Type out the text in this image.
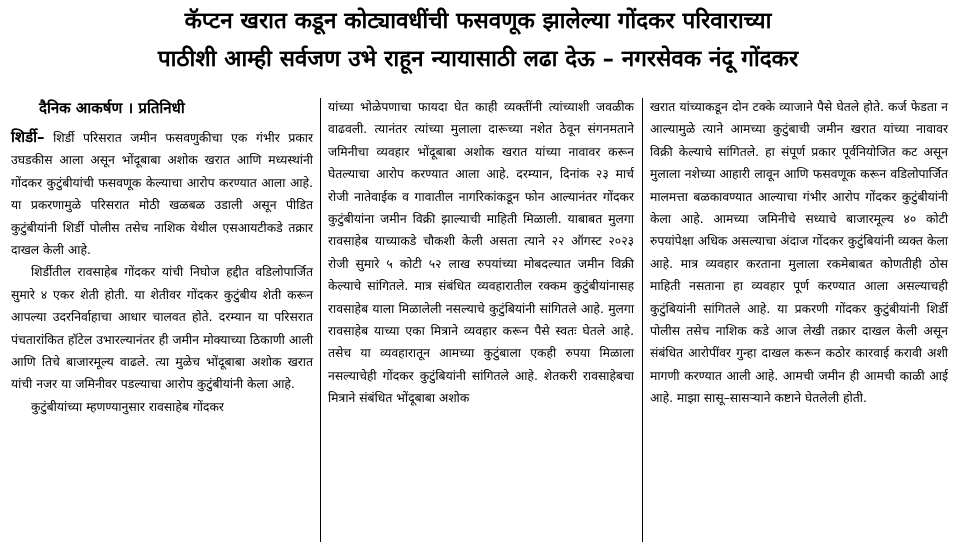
कॅप्टन खरात कडून कोट्यावधींची फसवणूक झालेल्या गोंदकर परिवाराच्या
पाठीशी आम्ही सर्वजण उभे राहून न्यायासाठी लढा देऊ – नगरसेवक नंदू गोंदकर
दैनिक आकर्षण । प्रतिनिधी

शिर्डी– शिर्डी परिसरात जमीन फसवणुकीचा एक गंभीर प्रकार उघडकीस आला असून भोंदूबाबा अशोक खरात आणि मध्यस्थांनी गोंदकर कुटुंबीयांची फसवणूक केल्याचा आरोप करण्यात आला आहे. या प्रकरणामुळे परिसरात मोठी खळबळ उडाली असून पीडित कुटुंबीयांनी शिर्डी पोलीस तसेच नाशिक येथील एसआयटीकडे तक्रार दाखल केली आहे.

शिर्डीतील रावसाहेब गोंदकर यांची निघोज हद्दीत वडिलोपार्जित सुमारे ४ एकर शेती होती. या शेतीवर गोंदकर कुटुंबीय शेती करून आपल्या उदरनिर्वाहाचा आधार चालवत होते. दरम्यान या परिसरात पंचतारांकित हॉटेल उभारल्यानंतर ही जमीन मोक्याच्या ठिकाणी आली आणि तिचे बाजारमूल्य वाढले. त्या मुळेच भोंदूबाबा अशोक खरात यांची नजर या जमिनीवर पडल्याचा आरोप कुटुंबीयांनी केला आहे.

कुटुंबीयांच्या म्हणण्यानुसार रावसाहेब गोंदकर

यांच्या भोळेपणाचा फायदा घेत काही व्यक्तींनी त्यांच्याशी जवळीक वाढवली. त्यानंतर त्यांच्या मुलाला दारूच्या नशेत ठेवून संगनमताने जमिनीचा व्यवहार भोंदूबाबा अशोक खरात यांच्या नावावर करून घेतल्याचा आरोप करण्यात आला आहे. दरम्यान, दिनांक २३ मार्च रोजी नातेवाईक व गावातील नागरिकांकडून फोन आल्यानंतर गोंदकर कुटुंबीयांना जमीन विक्री झाल्याची माहिती मिळाली. याबाबत मुलगा रावसाहेब याच्याकडे चौकशी केली असता त्याने २२ ऑगस्ट २०२३ रोजी सुमारे ५ कोटी ५२ लाख रुपयांच्या मोबदल्यात जमीन विक्री केल्याचे सांगितले. मात्र संबंधित व्यवहारातील रक्कम कुटुंबीयांनासह रावसाहेब याला मिळालेली नसल्याचे कुटुंबियांनी सांगितले आहे. मुलगा रावसाहेब याच्या एका मित्राने व्यवहार करून पैसे स्वतः घेतले आहे. तसेच या व्यवहारातून आमच्या कुटुंबाला एकही रुपया मिळाला नसल्याचेही गोंदकर कुटुंबियांनी सांगितले आहे. शेतकरी रावसाहेबचा मित्राने संबंधित भोंदूबाबा अशोक

खरात यांच्याकडून दोन टक्के व्याजाने पैसे घेतले होते. कर्ज फेडता न आल्यामुळे त्याने आमच्या कुटुंबाची जमीन खरात यांच्या नावावर विक्री केल्याचे सांगितले. हा संपूर्ण प्रकार पूर्वनियोजित कट असून मुलाला नशेच्या आहारी लावून आणि फसवणूक करून वडिलोपार्जित मालमत्ता बळकावण्यात आल्याचा गंभीर आरोप गोंदकर कुटुंबीयांनी केला आहे. आमच्या जमिनीचे सध्याचे बाजारमूल्य ४० कोटी रुपयांपेक्षा अधिक असल्याचा अंदाज गोंदकर कुटुंबियांनी व्यक्त केला आहे. मात्र व्यवहार करताना मुलाला रकमेबाबत कोणतीही ठोस माहिती नसताना हा व्यवहार पूर्ण करण्यात आला असल्याचही कुटुंबियांनी सांगितले आहे. या प्रकरणी गोंदकर कुटुंबीयांनी शिर्डी पोलीस तसेच नाशिक कडे आज लेखी तक्रार दाखल केली असून संबंधित आरोपींवर गुन्हा दाखल करून कठोर कारवाई करावी अशी मागणी करण्यात आली आहे. आमची जमीन ही आमची काळी आई आहे. माझा सासू–सासऱ्याने कष्टाने घेतलेली होती.
